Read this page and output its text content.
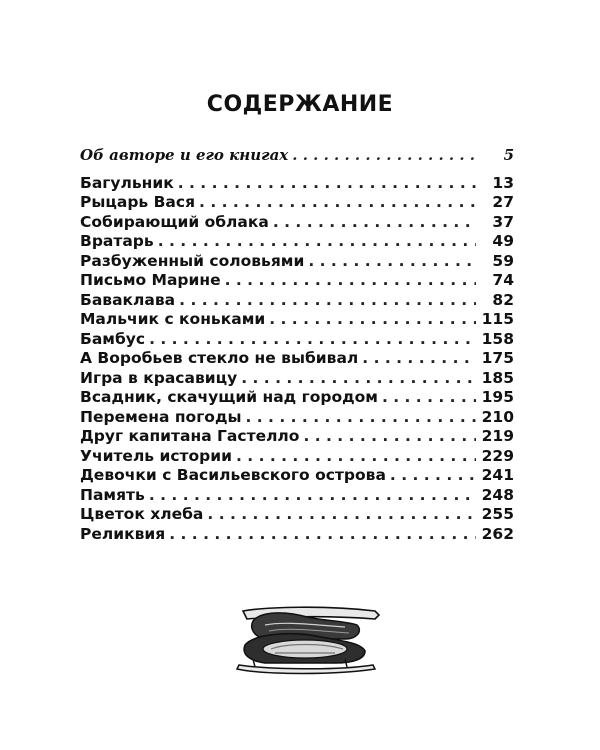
СОДЕРЖАНИЕ
Об авторе и его книгах . . .	5
Багульник . . .	13
Рыцарь Вася . . .	27
Собирающий облака . . .	37
Вратарь . . .	49
Разбуженный соловьями . . .	59
Письмо Марине . . .	74
Баваклава . . .	82
Мальчик с коньками . . .	115
Бамбус . . .	158
А Воробьев стекло не выбивал . . .	175
Игра в красавицу . . .	185
Всадник, скачущий над городом . . .	195
Перемена погоды . . .	210
Друг капитана Гастелло . . .	219
Учитель истории . . .	229
Девочки с Васильевского острова . . .	241
Память . . .	248
Цветок хлеба . . .	255
Реликвия . . .	262
